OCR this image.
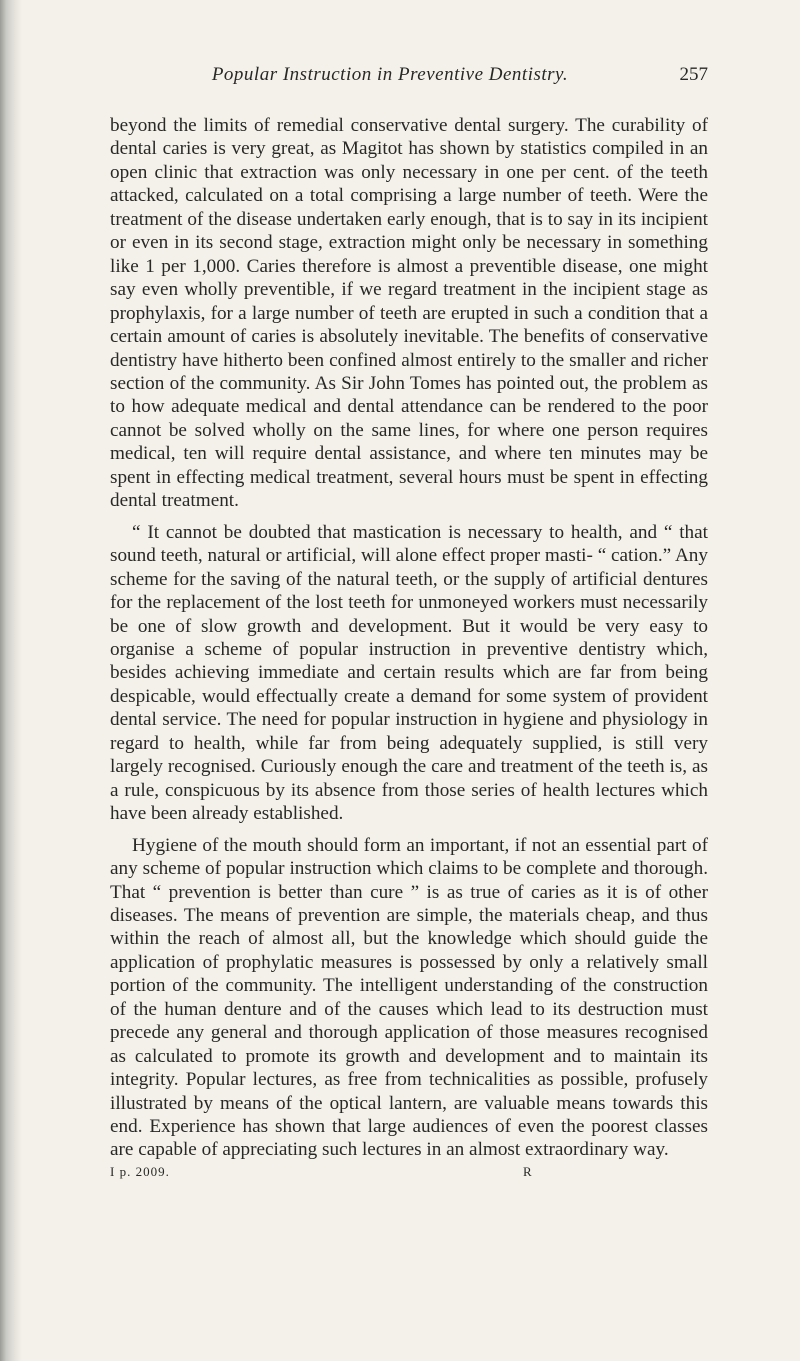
Popular Instruction in Preventive Dentistry.	257

beyond the limits of remedial conservative dental surgery. The curability of dental caries is very great, as Magitot has shown by statistics compiled in an open clinic that extraction was only necessary in one per cent. of the teeth attacked, calculated on a total comprising a large number of teeth. Were the treatment of the disease undertaken early enough, that is to say in its incipient or even in its second stage, extraction might only be necessary in something like 1 per 1,000. Caries therefore is almost a preventible disease, one might say even wholly preventible, if we regard treatment in the incipient stage as prophylaxis, for a large number of teeth are erupted in such a condition that a certain amount of caries is absolutely inevitable. The benefits of conservative dentistry have hitherto been confined almost entirely to the smaller and richer section of the community. As Sir John Tomes has pointed out, the problem as to how adequate medical and dental attendance can be rendered to the poor cannot be solved wholly on the same lines, for where one person requires medical, ten will require dental assistance, and where ten minutes may be spent in effecting medical treatment, several hours must be spent in effecting dental treatment.

“ It cannot be doubted that mastication is necessary to health, and “ that sound teeth, natural or artificial, will alone effect proper masti- “ cation.” Any scheme for the saving of the natural teeth, or the supply of artificial dentures for the replacement of the lost teeth for unmoneyed workers must necessarily be one of slow growth and development. But it would be very easy to organise a scheme of popular instruction in preventive dentistry which, besides achieving immediate and certain results which are far from being despicable, would effectually create a demand for some system of provident dental service. The need for popular instruction in hygiene and physiology in regard to health, while far from being adequately supplied, is still very largely recognised. Curiously enough the care and treatment of the teeth is, as a rule, conspicuous by its absence from those series of health lectures which have been already established.

Hygiene of the mouth should form an important, if not an essential part of any scheme of popular instruction which claims to be complete and thorough. That “ prevention is better than cure ” is as true of caries as it is of other diseases. The means of prevention are simple, the materials cheap, and thus within the reach of almost all, but the knowledge which should guide the application of prophylatic measures is possessed by only a relatively small portion of the community. The intelligent understanding of the construction of the human denture and of the causes which lead to its destruction must precede any general and thorough application of those measures recognised as calculated to promote its growth and development and to maintain its integrity. Popular lectures, as free from technicalities as possible, profusely illustrated by means of the optical lantern, are valuable means towards this end. Experience has shown that large audiences of even the poorest classes are capable of appreciating such lectures in an almost extraordinary way.

I p. 2009.	R
